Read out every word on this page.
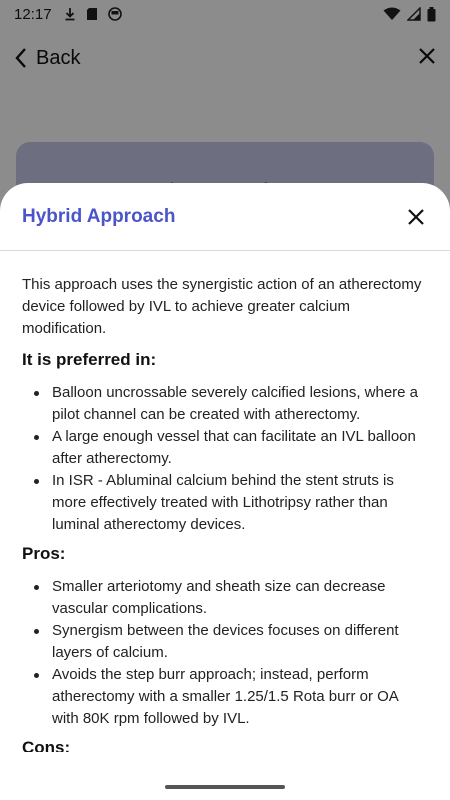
12:17
Back
Hybrid Approach

This approach uses the synergistic action of an atherectomy device followed by IVL to achieve greater calcium modification.

It is preferred in:
Balloon uncrossable severely calcified lesions, where a pilot channel can be created with atherectomy.
A large enough vessel that can facilitate an IVL balloon after atherectomy.
In ISR - Abluminal calcium behind the stent struts is more effectively treated with Lithotripsy rather than luminal atherectomy devices.
Pros:
Smaller arteriotomy and sheath size can decrease vascular complications.
Synergism between the devices focuses on different layers of calcium.
Avoids the step burr approach; instead, perform atherectomy with a smaller 1.25/1.5 Rota burr or OA with 80K rpm followed by IVL.
Cons:
